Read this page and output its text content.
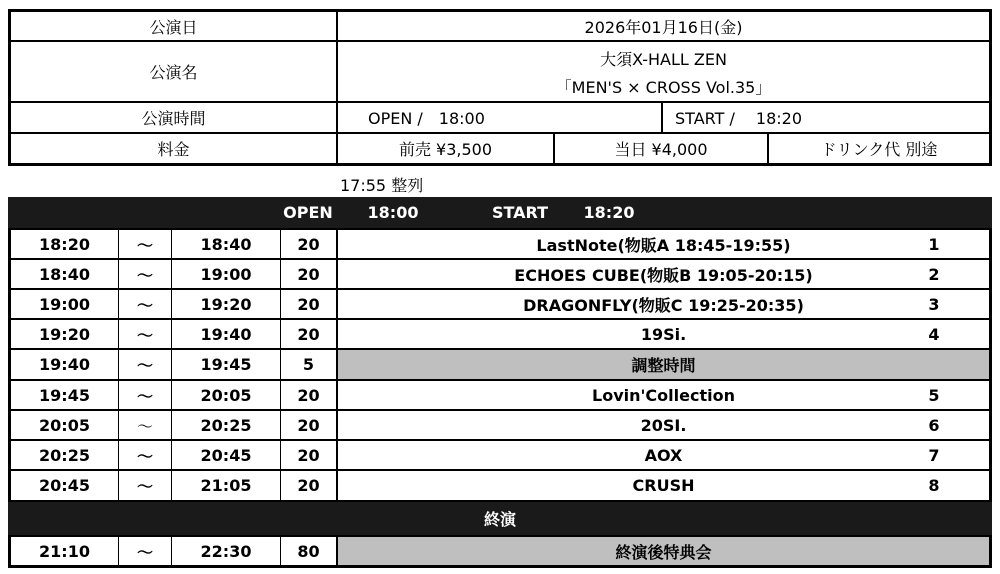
公演日	2026年01月16日(金)
公演名
大須X-HALL ZEN
「MEN'S × CROSS Vol.35」
公演時間	OPEN /　18:00	START /　 18:20
料金	前売 ¥3,500	当日 ¥4,000	ドリンク代 別途
17:55 整列
OPEN 18:00	START	18:20
終演
18:20	〜	18:40	20	LastNote(物販A 18:45-19:55)	1
18:40	〜	19:00	20	ECHOES CUBE(物販B 19:05-20:15)	2
19:00	〜	19:20	20	DRAGONFLY(物販C 19:25-20:35)	3
19:20	〜	19:40	20	19Si.	4
19:40	〜	19:45	5	調整時間
19:45	〜	20:05	20	Lovin'Collection	5
20:05	〜	20:25	20	20SI.	6
20:25	〜	20:45	20	AOX	7
20:45	〜	21:05	20	CRUSH	8
21:10	〜	22:30	80	終演後特典会
